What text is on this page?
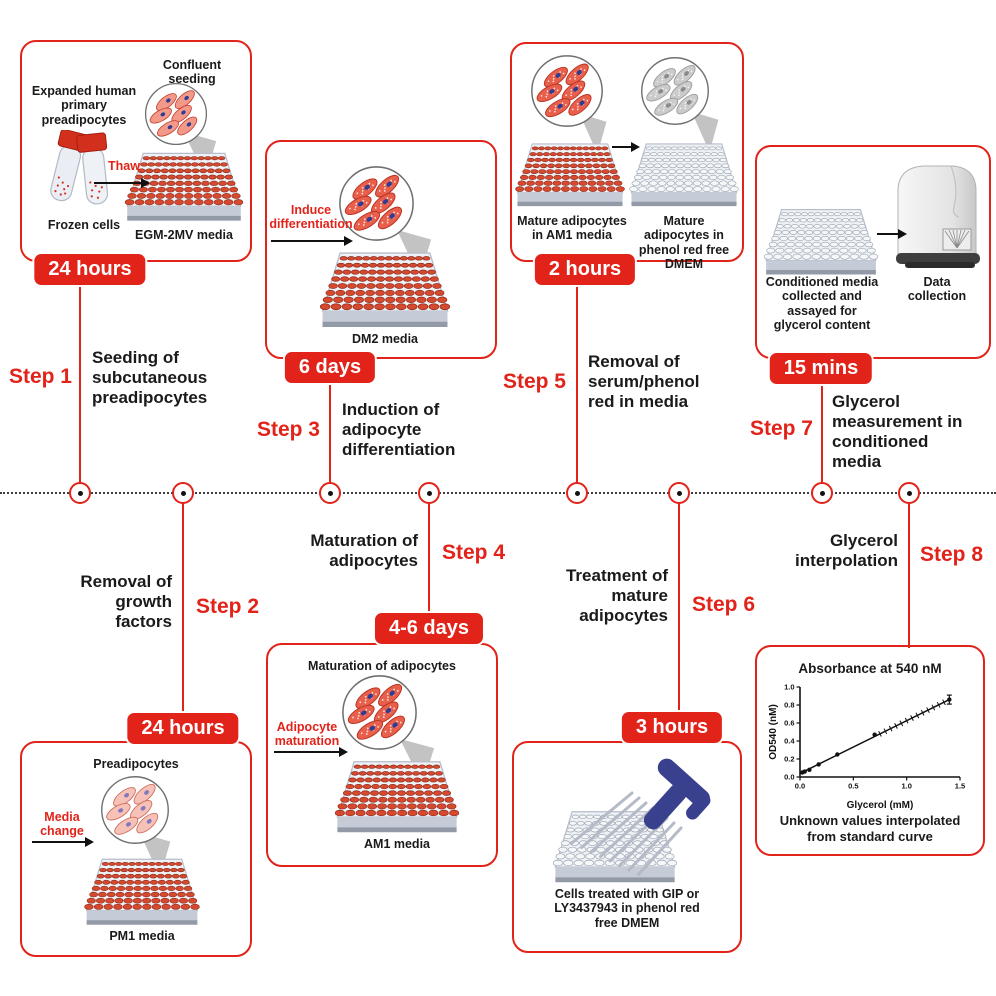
24 hours
6 days
2 hours
15 mins
24 hours
4-6 days
3 hours
Step 1
Step 2
Step 3
Step 4
Step 5
Step 6
Step 7
Step 8
Seeding of subcutaneous preadipocytes
Removal of growth factors
Induction of adipocyte differentiation
Maturation of adipocytes
Removal of serum/phenol red in media
Treatment of mature adipocytes
Glycerol measurement in conditioned media
Glycerol interpolation
Expanded human primary preadipocytes
Frozen cells
Thaw
Confluent seeding
EGM-2MV media
Induce differentiation
DM2 media
Mature adipocytes in AM1 media
Mature adipocytes in phenol red free DMEM
Conditioned media collected and assayed for glycerol content
Data collection
Preadipocytes
Media change
PM1 media
Maturation of adipocytes
Adipocyte maturation
AM1 media
Cells treated with GIP or LY3437943 in phenol red free DMEM
Absorbance at 540 nM
0.0
0.2
0.4
0.6
0.8
1.0
0.0	0.5	1.0	1.5
Glycerol (mM)
OD540 (nM)
Unknown values interpolated from standard curve
